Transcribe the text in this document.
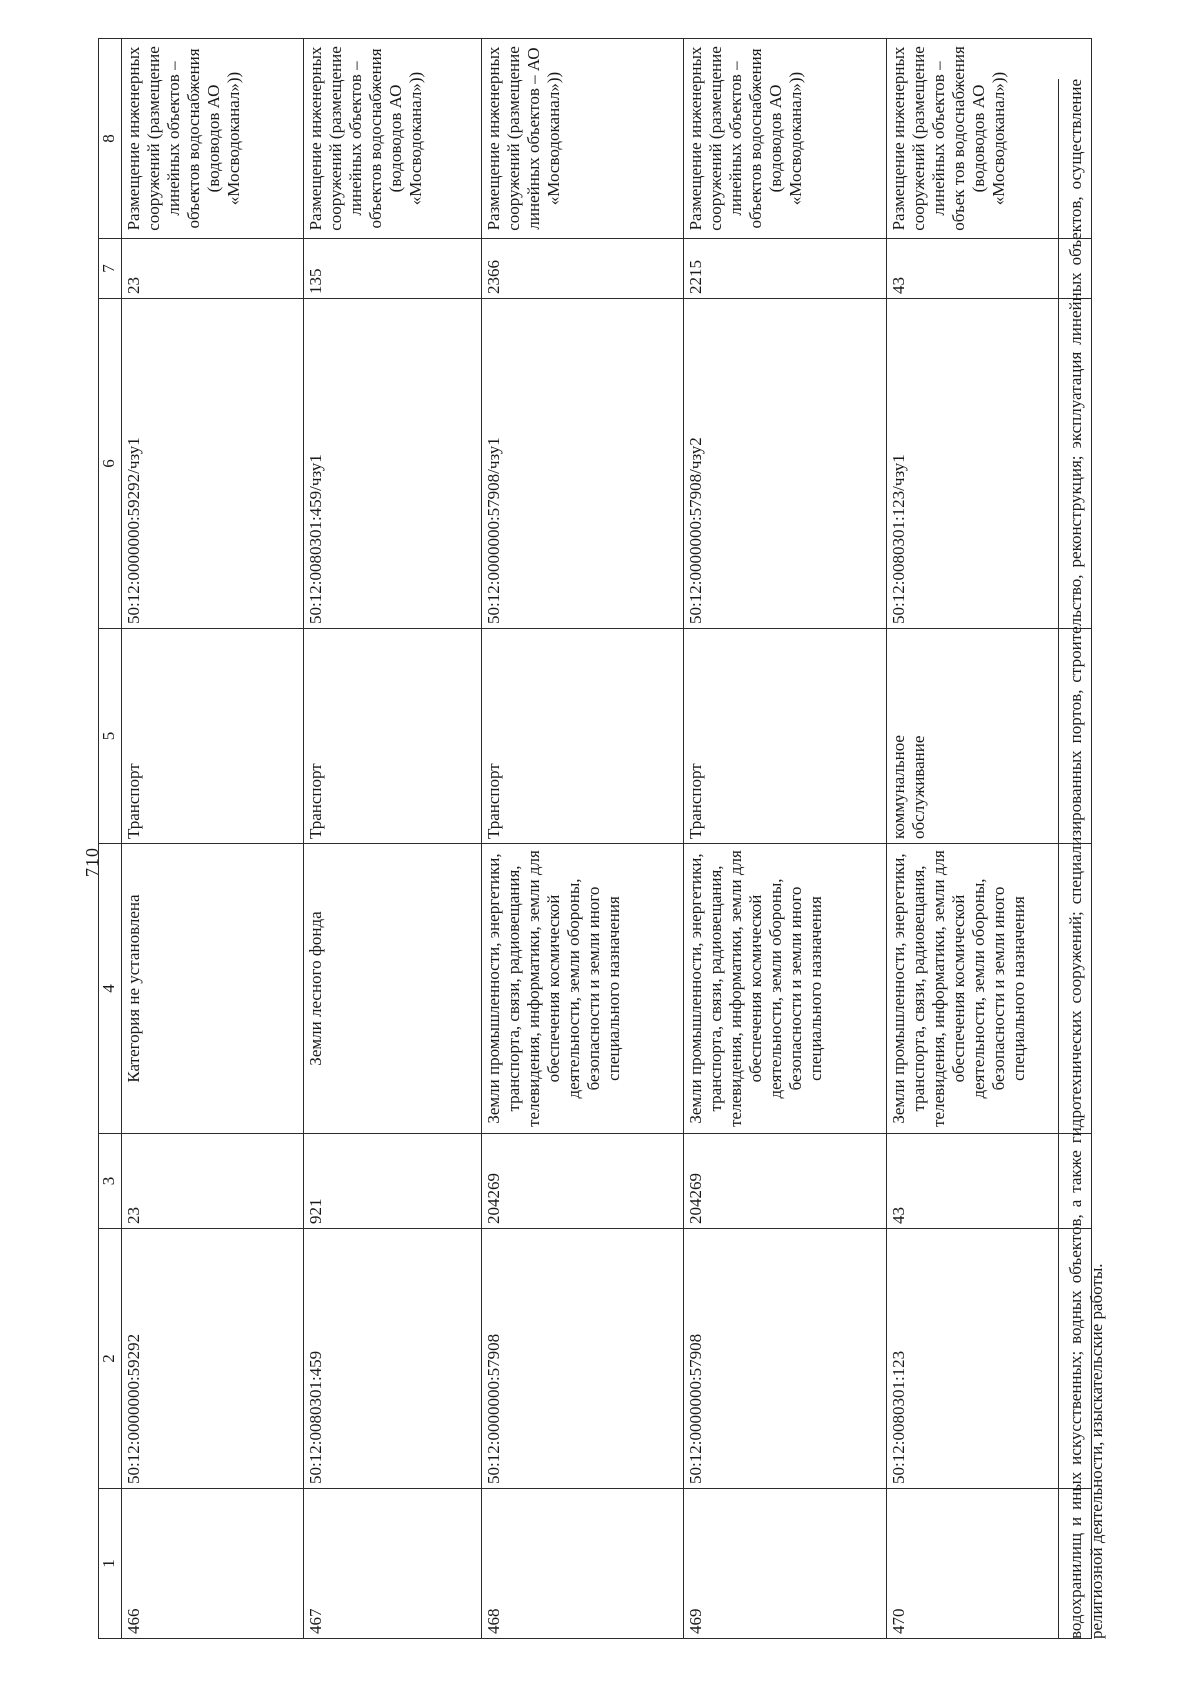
710
1	2	3	4	5	6	7	8
466	50:12:0000000:59292	23	Категория не установлена	Транспорт	50:12:0000000:59292/чзу1	23	Размещение инженерных сооружений (размещение линейных объектов – объектов водоснабжения (водоводов АО «Мосводоканал»))
467	50:12:0080301:459	921	Земли лесного фонда	Транспорт	50:12:0080301:459/чзу1	135	Размещение инженерных сооружений (размещение линейных объектов – объектов водоснабжения (водоводов АО «Мосводоканал»))
468	50:12:0000000:57908	204269	Земли промышленности, энергетики, транспорта, связи, радиовещания, телевидения, информатики, земли для обеспечения космической деятельности, земли обороны, безопасности и земли иного специального назначения	Транспорт	50:12:0000000:57908/чзу1	2366	Размещение инженерных сооружений (размещение линейных объектов – АО «Мосводоканал»))
469	50:12:0000000:57908	204269	Земли промышленности, энергетики, транспорта, связи, радиовещания, телевидения, информатики, земли для обеспечения космической деятельности, земли обороны, безопасности и земли иного специального назначения	Транспорт	50:12:0000000:57908/чзу2	2215	Размещение инженерных сооружений (размещение линейных объектов – объектов водоснабжения (водоводов АО «Мосводоканал»))
470	50:12:0080301:123	43	Земли промышленности, энергетики, транспорта, связи, радиовещания, телевидения, информатики, земли для обеспечения космической деятельности, земли обороны, безопасности и земли иного специального назначения	коммунальное обслуживание	50:12:0080301:123/чзу1	43	Размещение инженерных сооружений (размещение линейных объектов – объек тов водоснабжения (водоводов АО «Мосводоканал»))	водохранилищ и иных искусственных; водных объектов, а также гидротехнических сооружений; специализированных портов, строительство, реконструкция; эксплуатация линейных объектов, осуществление религиозной деятельности, изыскательские работы.
